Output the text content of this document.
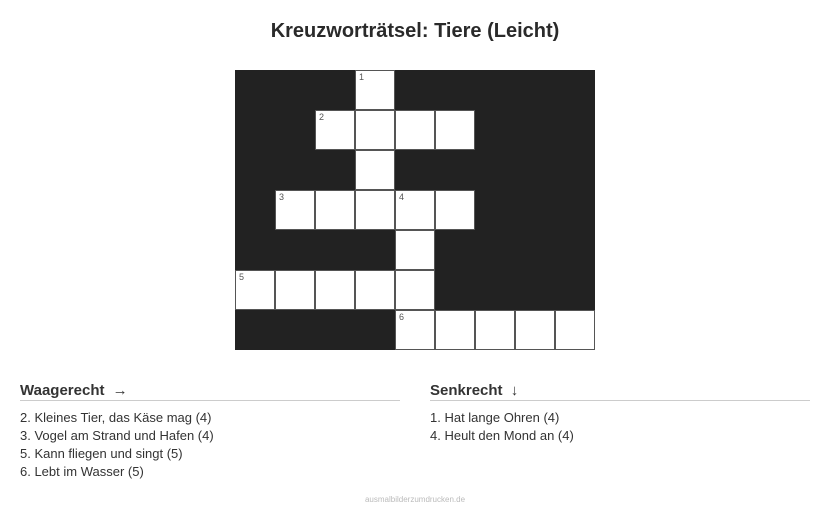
Kreuzworträtsel: Tiere (Leicht)
1
2
3	4
5
6
Waagerecht →

2. Kleines Tier, das Käse mag (4)

3. Vogel am Strand und Hafen (4)

5. Kann fliegen und singt (5)

6. Lebt im Wasser (5)

Senkrecht ↓

1. Hat lange Ohren (4)

4. Heult den Mond an (4)

ausmalbilderzumdrucken.de
